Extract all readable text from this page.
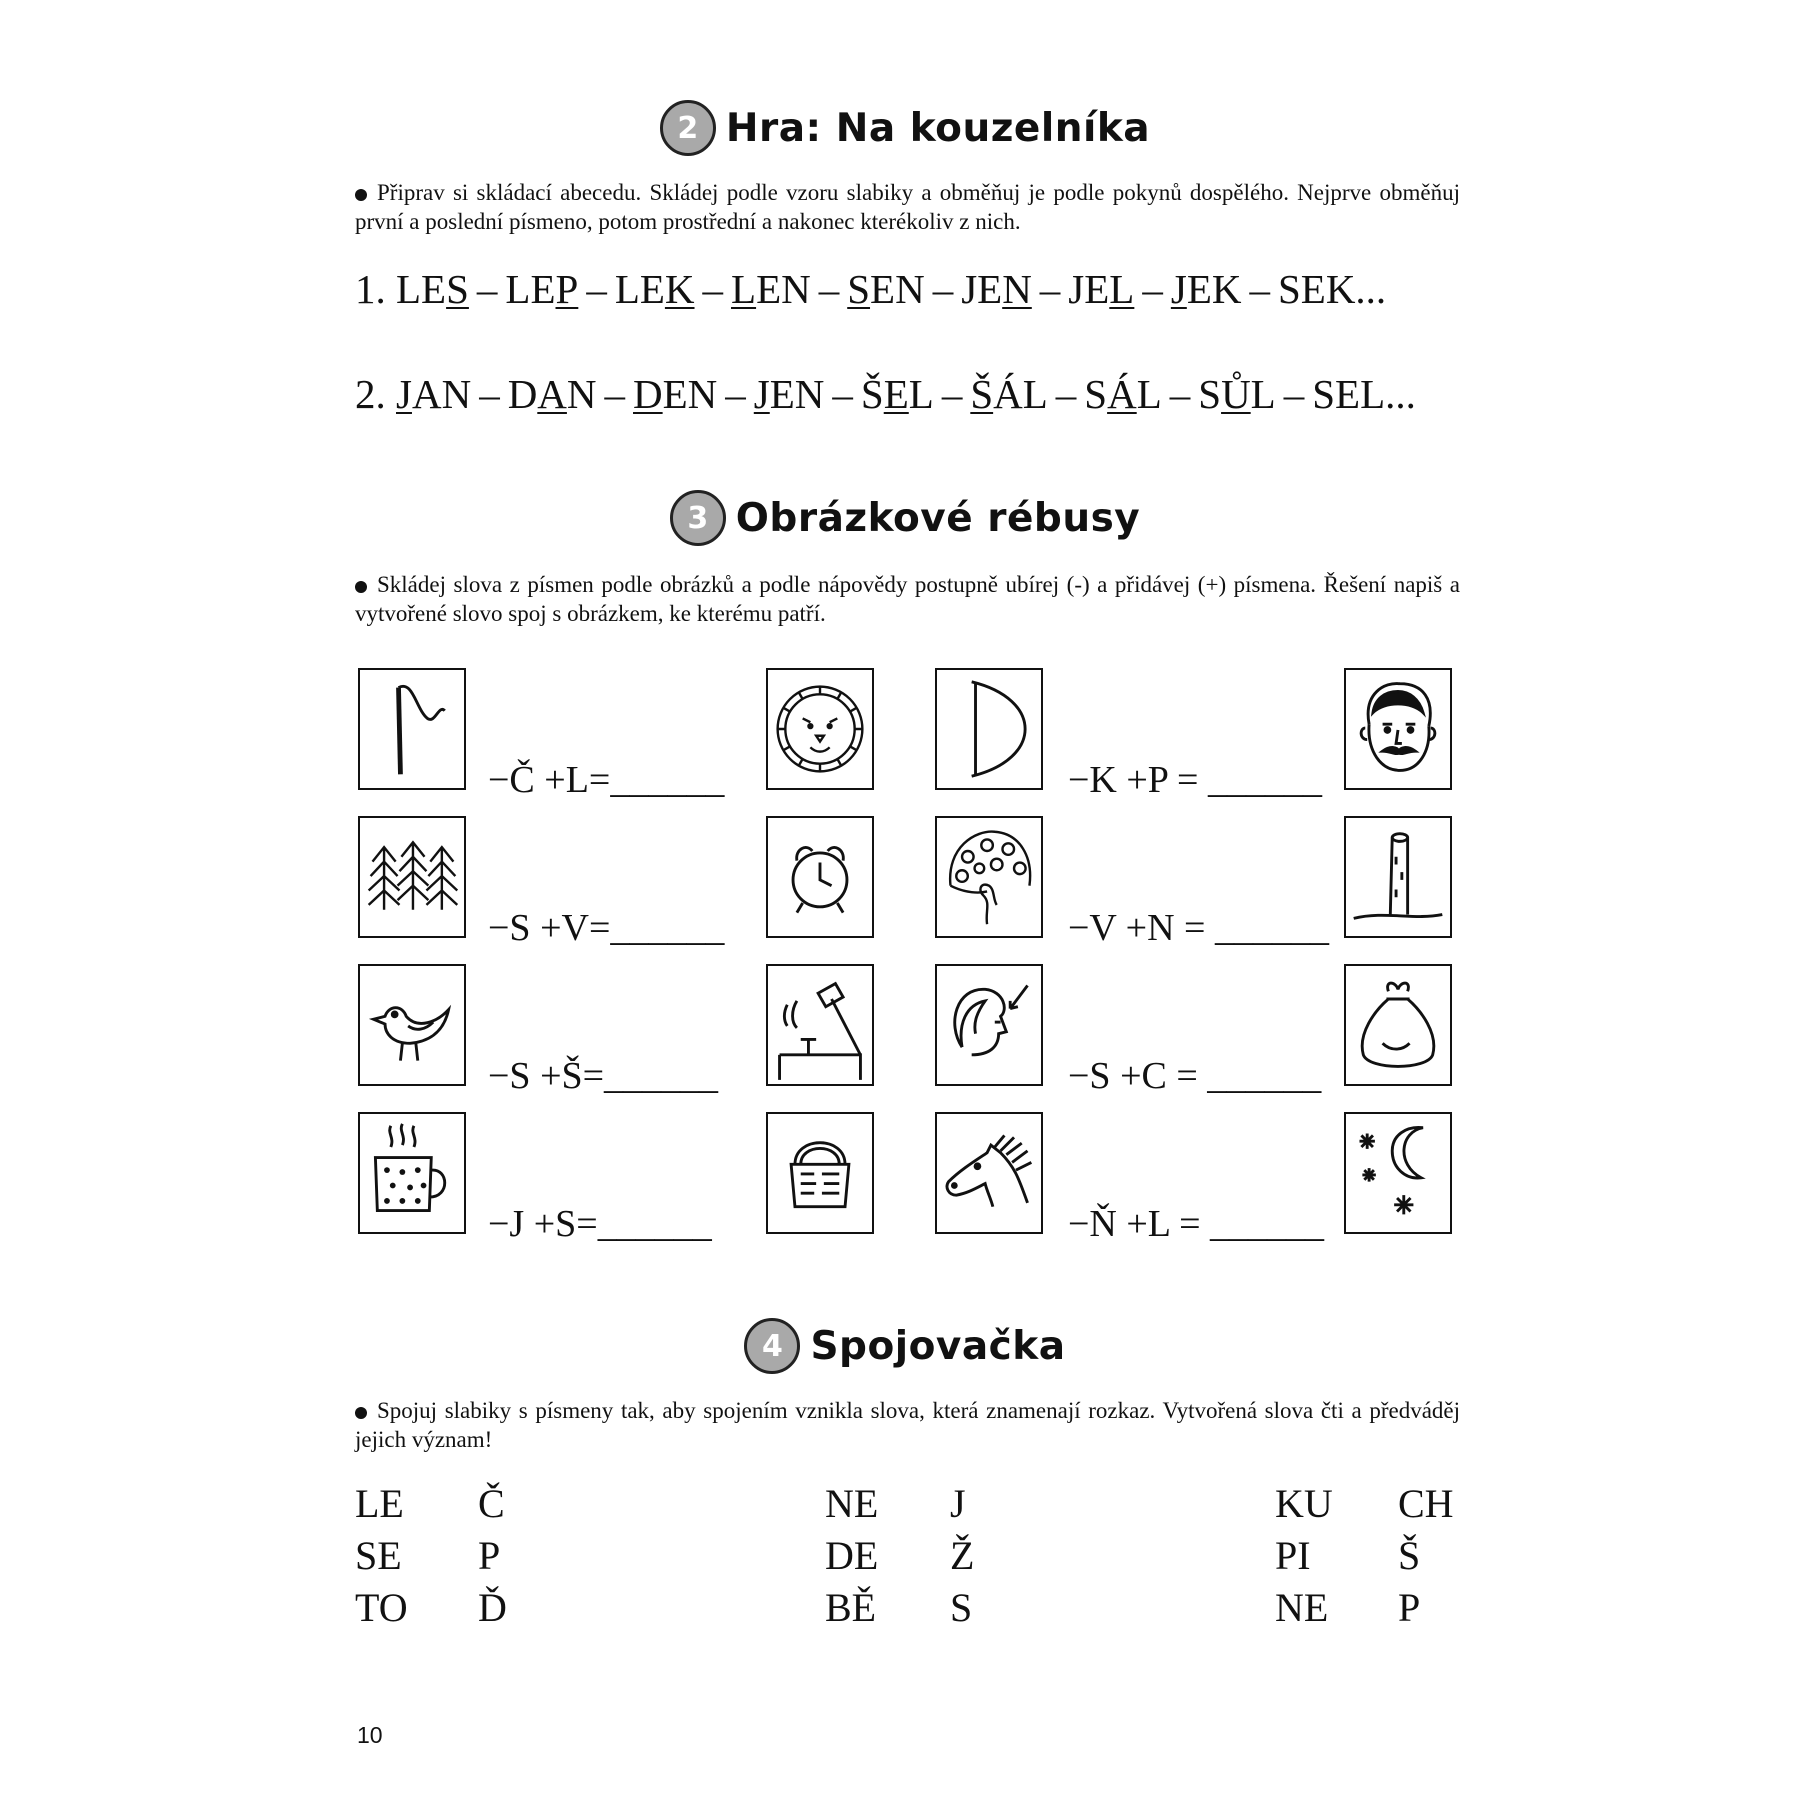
2 Hra: Na kouzelníka
Připrav si skládací abecedu. Skládej podle vzoru slabiky a obměňuj je podle pokynů dospělého. Nejprve obměňuj první a poslední písmeno, potom prostřední a nakonec kterékoliv z nich.
1. LES – LEP – LEK – LEN – SEN – JEN – JEL – JEK – SEK...
2. JAN – DAN – DEN – JEN – ŠEL – ŠÁL – SÁL – SŮL – SEL...
3 Obrázkové rébusy
Skládej slova z písmen podle obrázků a podle nápovědy postupně ubírej (-) a přidávej (+) písmena. Řešení napiš a vytvořené slovo spoj s obrázkem, ke kterému patří.
−Č +L=______
−S +V=______
−S +Š=______
−J +S=______
−K +P = ______
−V +N = ______
−S +C = ______
−Ň +L = ______
4 Spojovačka
Spojuj slabiky s písmeny tak, aby spojením vznikla slova, která znamenají rozkaz. Vytvořená slova čti a předváděj jejich význam!
LE
SE
TO
Č
P
Ď
NE
DE
BĚ
J
Ž
S
KU
PI
NE
CH
Š
P
10
